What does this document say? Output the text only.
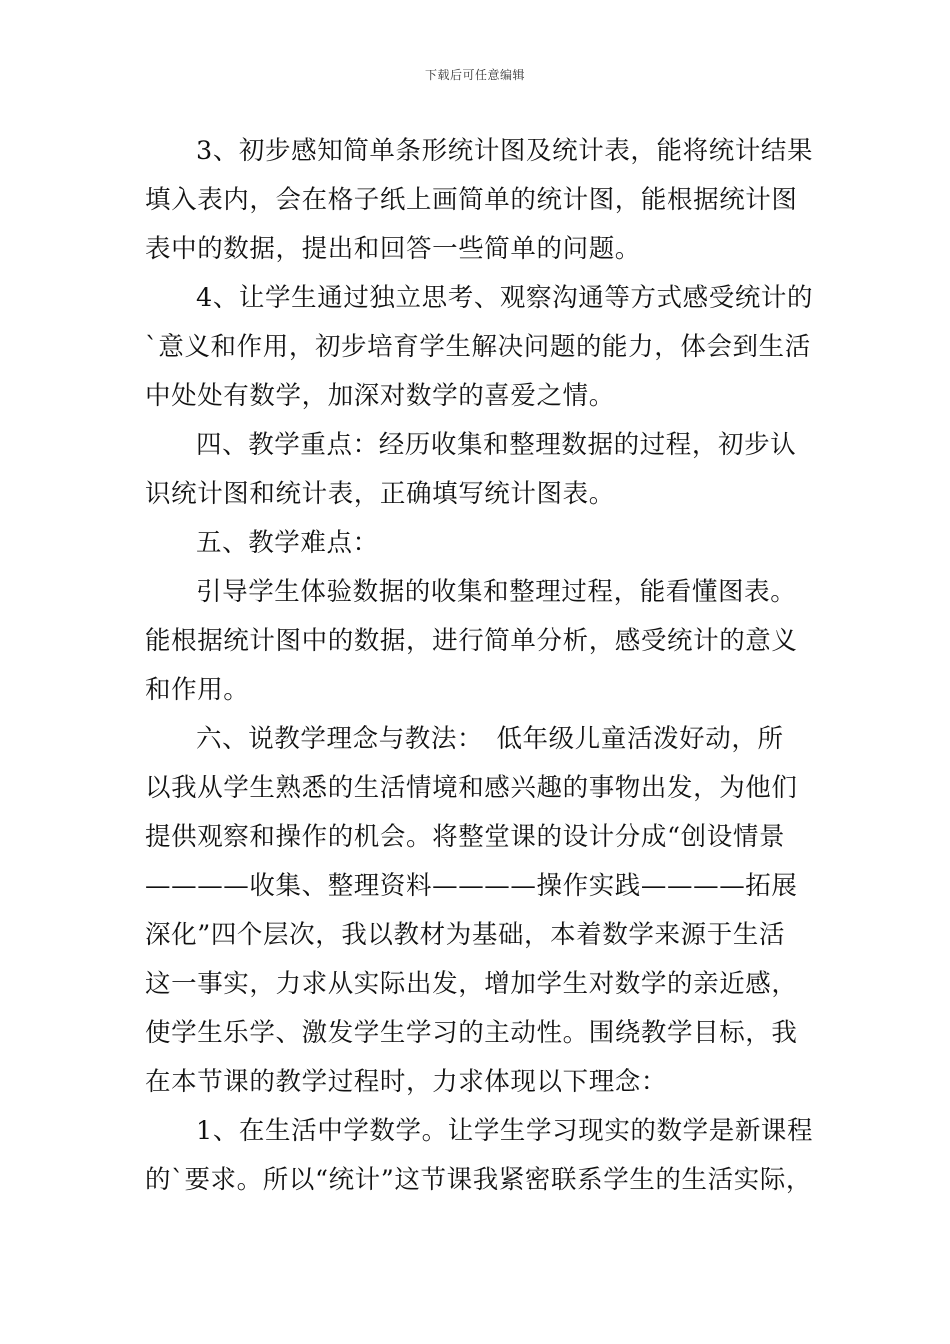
下载后可任意编辑
3、初步感知简单条形统计图及统计表，能将统计结果
填入表内，会在格子纸上画简单的统计图，能根据统计图
表中的数据，提出和回答一些简单的问题。
4、让学生通过独立思考、观察沟通等方式感受统计的
`意义和作用，初步培育学生解决问题的能力，体会到生活
中处处有数学，加深对数学的喜爱之情。
四、教学重点：经历收集和整理数据的过程，初步认
识统计图和统计表，正确填写统计图表。
五、教学难点：
引导学生体验数据的收集和整理过程，能看懂图表。
能根据统计图中的数据，进行简单分析，感受统计的意义
和作用。
六、说教学理念与教法：　低年级儿童活泼好动，所
以我从学生熟悉的生活情境和感兴趣的事物出发，为他们
提供观察和操作的机会。将整堂课的设计分成“创设情景
————收集、整理资料————操作实践————拓展
深化”四个层次，我以教材为基础，本着数学来源于生活
这一事实，力求从实际出发，增加学生对数学的亲近感，
使学生乐学、激发学生学习的主动性。围绕教学目标，我
在本节课的教学过程时，力求体现以下理念：
1、在生活中学数学。让学生学习现实的数学是新课程
的`要求。所以“统计”这节课我紧密联系学生的生活实际，
